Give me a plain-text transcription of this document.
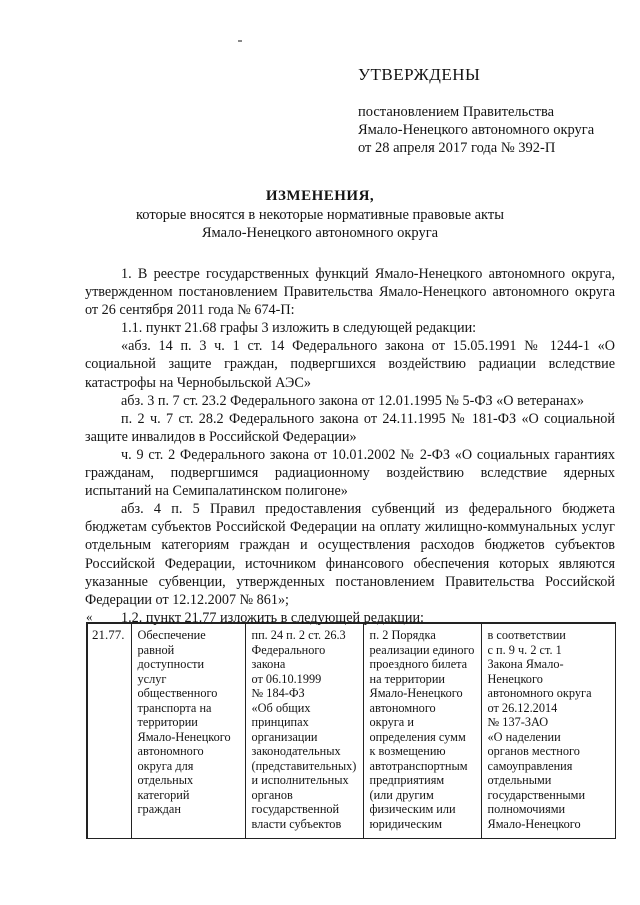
УТВЕРЖДЕНЫ
постановлением Правительства
Ямало-Ненецкого автономного округа
от 28 апреля 2017 года № 392-П
ИЗМЕНЕНИЯ,
которые вносятся в некоторые нормативные правовые акты
Ямало-Ненецкого автономного округа

1. В реестре государственных функций Ямало-Ненецкого автономного округа, утвержденном постановлением Правительства Ямало-Ненецкого автономного округа от 26 сентября 2011 года № 674-П:

1.1. пункт 21.68 графы 3 изложить в следующей редакции:

«абз. 14 п. 3 ч. 1 ст. 14 Федерального закона от 15.05.1991 № 1244-1 «О социальной защите граждан, подвергшихся воздействию радиации вследствие катастрофы на Чернобыльской АЭС»

абз. 3 п. 7 ст. 23.2 Федерального закона от 12.01.1995 № 5-ФЗ «О ветеранах»

п. 2 ч. 7 ст. 28.2 Федерального закона от 24.11.1995 № 181-ФЗ «О социальной защите инвалидов в Российской Федерации»

ч. 9 ст. 2 Федерального закона от 10.01.2002 № 2-ФЗ «О социальных гарантиях гражданам, подвергшимся радиационному воздействию вследствие ядерных испытаний на Семипалатинском полигоне»

абз. 4 п. 5 Правил предоставления субвенций из федерального бюджета бюджетам субъектов Российской Федерации на оплату жилищно-коммунальных услуг отдельным категориям граждан и осуществления расходов бюджетов субъектов Российской Федерации, источником финансового обеспечения которых являются указанные субвенции, утвержденных постановлением Правительства Российской Федерации от 12.12.2007 № 861»;

1.2. пункт 21.77 изложить в следующей редакции:

«
21.77.	Обеспечение
равной
доступности
услуг
общественного
транспорта на
территории
Ямало-Ненецкого
автономного
округа для
отдельных
категорий
граждан

пп. 24 п. 2 ст. 26.3
Федерального
закона
от 06.10.1999
№ 184-ФЗ
«Об общих
принципах
организации
законодательных
(представительных)
и исполнительных
органов
государственной
власти субъектов

п. 2 Порядка
реализации единого
проездного билета
на территории
Ямало-Ненецкого
автономного
округа и
определения сумм
к возмещению
автотранспортным
предприятиям
(или другим
физическим или
юридическим

в соответствии
с п. 9 ч. 2 ст. 1
Закона Ямало-
Ненецкого
автономного округа
от 26.12.2014
№ 137-ЗАО
«О наделении
органов местного
самоуправления
отдельными
государственными
полномочиями
Ямало-Ненецкого
